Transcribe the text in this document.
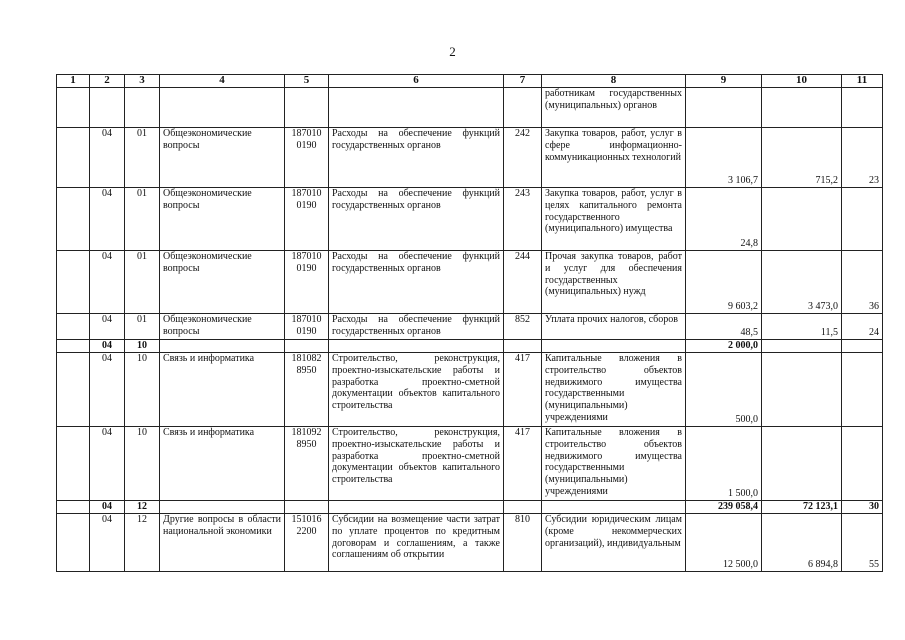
2
1	2	3	4	5	6	7	8	9	10	11
							работникам государственных (муниципальных) органов			
	04	01	Общеэкономические вопросы	187010 0190	Расходы на обеспечение функций государственных органов	242	Закупка товаров, работ, услуг в сфере информационно-коммуникационных технологий	3 106,7	715,2	23
	04	01	Общеэкономические вопросы	187010 0190	Расходы на обеспечение функций государственных органов	243	Закупка товаров, работ, услуг в целях капитального ремонта государственного (муниципального) имущества	24,8		
	04	01	Общеэкономические вопросы	187010 0190	Расходы на обеспечение функций государственных органов	244	Прочая закупка товаров, работ и услуг для обеспечения государственных (муниципальных) нужд	9 603,2	3 473,0	36
	04	01	Общеэкономические вопросы	187010 0190	Расходы на обеспечение функций государственных органов	852	Уплата прочих налогов, сборов	48,5	11,5	24
	04	10						2 000,0		
	04	10	Связь и информатика	181082 8950	Строительство, реконструкция, проектно-изыскательские работы и разработка проектно-сметной документации объектов капитального строительства	417	Капитальные вложения в строительство объектов недвижимого имущества государственными (муниципальными) учреждениями	500,0		
	04	10	Связь и информатика	181092 8950	Строительство, реконструкция, проектно-изыскательские работы и разработка проектно-сметной документации объектов капитального строительства	417	Капитальные вложения в строительство объектов недвижимого имущества государственными (муниципальными) учреждениями	1 500,0		
	04	12						239 058,4	72 123,1	30
	04	12	Другие вопросы в области национальной экономики	151016 2200	Субсидии на возмещение части затрат по уплате процентов по кредитным договорам и соглашениям, а также соглашениям об открытии	810	Субсидии юридическим лицам (кроме некоммерческих организаций), индивидуальным	12 500,0	6 894,8	55
